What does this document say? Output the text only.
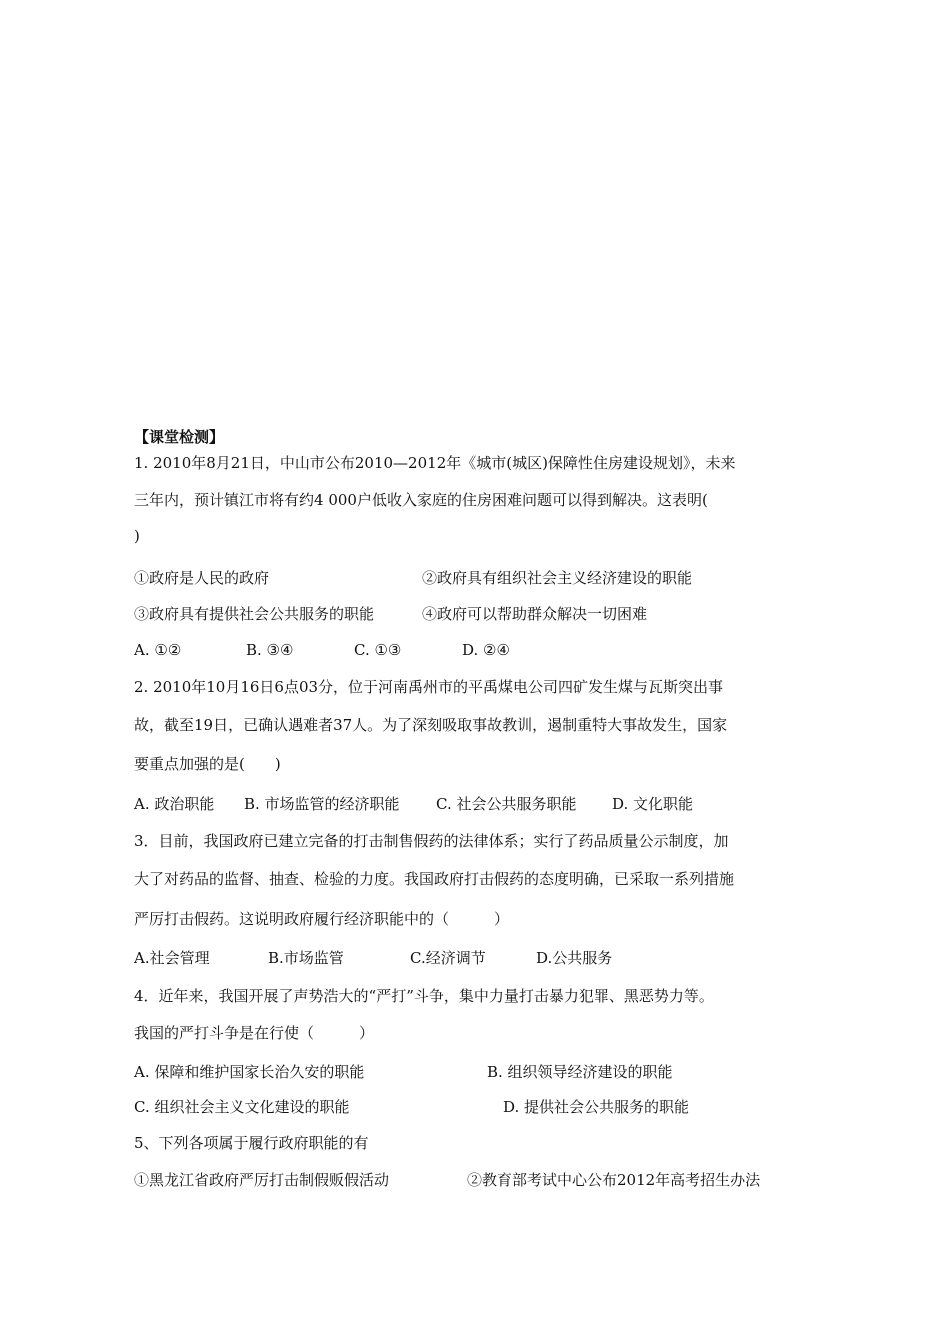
【课堂检测】
1. 2010年8月21日，中山市公布2010—2012年《城市(城区)保障性住房建设规划》，未来
三年内，预计镇江市将有约4 000户低收入家庭的住房困难问题可以得到解决。这表明(
)
①政府是人民的政府	②政府具有组织社会主义经济建设的职能
③政府具有提供社会公共服务的职能	④政府可以帮助群众解决一切困难
A. ①②	B. ③④	C. ①③	D. ②④
2. 2010年10月16日6点03分，位于河南禹州市的平禹煤电公司四矿发生煤与瓦斯突出事
故，截至19日，已确认遇难者37人。为了深刻吸取事故教训，遏制重特大事故发生，国家
要重点加强的是(　　)
A. 政治职能 B. 市场监管的经济职能 C. 社会公共服务职能 D. 文化职能
3．目前，我国政府已建立完备的打击制售假药的法律体系；实行了药品质量公示制度，加
大了对药品的监督、抽查、检验的力度。我国政府打击假药的态度明确，已采取一系列措施
严厉打击假药。这说明政府履行经济职能中的（　　　）
A.社会管理	B.市场监管	C.经济调节	D.公共服务
4．近年来，我国开展了声势浩大的“严打”斗争，集中力量打击暴力犯罪、黑恶势力等。
我国的严打斗争是在行使（　　　）
A. 保障和维护国家长治久安的职能	B. 组织领导经济建设的职能
C. 组织社会主义文化建设的职能	D. 提供社会公共服务的职能
5、下列各项属于履行政府职能的有
①黑龙江省政府严厉打击制假贩假活动	②教育部考试中心公布2012年高考招生办法
